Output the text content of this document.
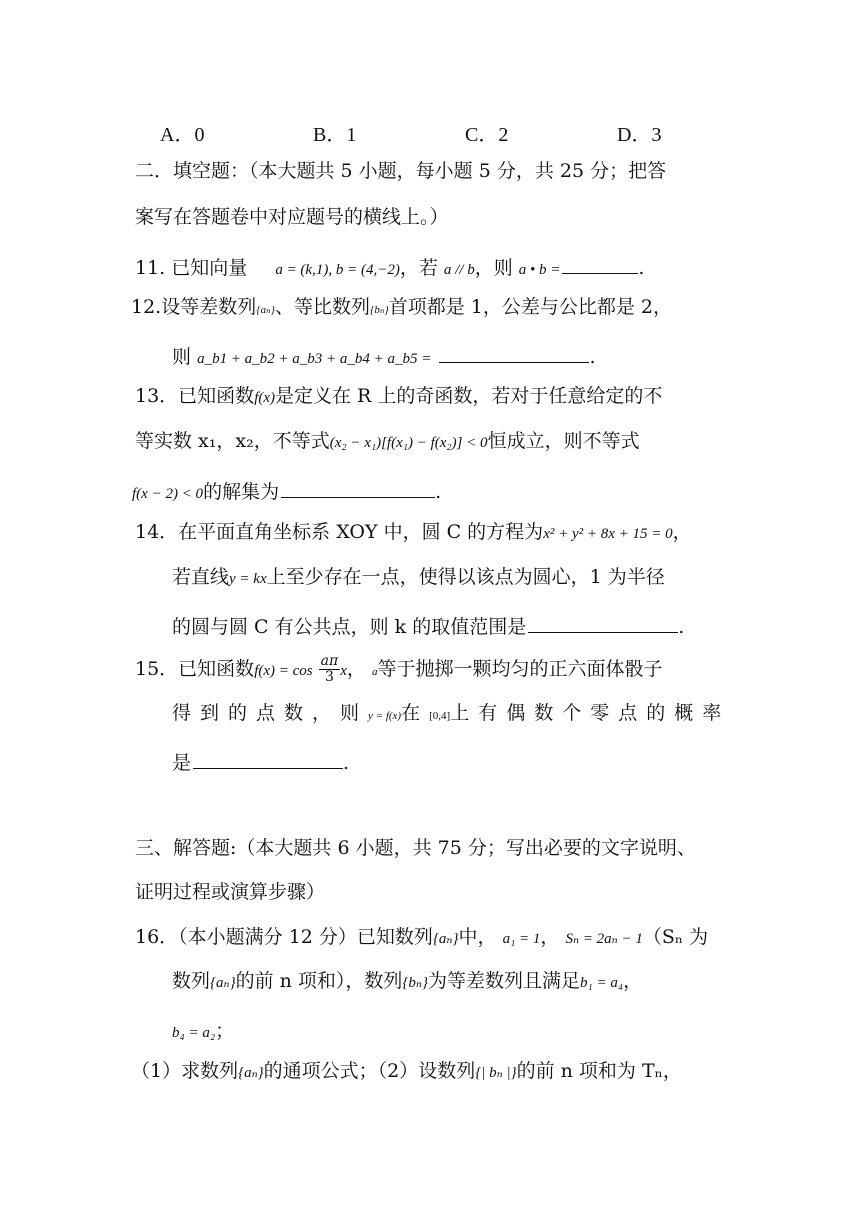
A．0	B．1	C．2	D．3
二．填空题：（本大题共 5 小题，每小题 5 分，共 25 分；把答
案写在答题卷中对应题号的横线上。）
11. 已知向量 a = (k,1), b = (4,−2)，若 a // b，则 a • b =	.
12.设等差数列{aₙ}、等比数列{bₙ}首项都是 1，公差与公比都是 2，
则 a_b1 + a_b2 + a_b3 + a_b4 + a_b5 =	.
13．已知函数f(x)是定义在 R 上的奇函数，若对于任意给定的不
等实数 x₁，x₂，不等式(x₂ − x₁)[f(x₁) − f(x₂)] < 0恒成立，则不等式
f(x − 2) < 0的解集为	.
14．在平面直角坐标系 XOY 中，圆 C 的方程为x² + y² + 8x + 15 = 0，
若直线y = kx上至少存在一点，使得以该点为圆心，1 为半径
的圆与圆 C 有公共点，则 k 的取值范围是	.
15．已知函数$f(x) = \cos \frac{a\pi}{3}$ x， a等于抛掷一颗均匀的正六面体骰子
得到的点数，则y = f(x)在[0,4]上有偶数个零点的概率
是	.
三、解答题:（本大题共 6 小题，共 75 分；写出必要的文字说明、
证明过程或演算步骤）
16．（本小题满分 12 分）已知数列{aₙ}中， a₁ = 1， Sₙ = 2aₙ − 1（Sₙ 为
数列{aₙ}的前 n 项和），数列{bₙ}为等差数列且满足b₁ = a₄，
b₄ = a₂；
（1）求数列{aₙ}的通项公式；（2）设数列{| bₙ |}的前 n 项和为 Tₙ，
